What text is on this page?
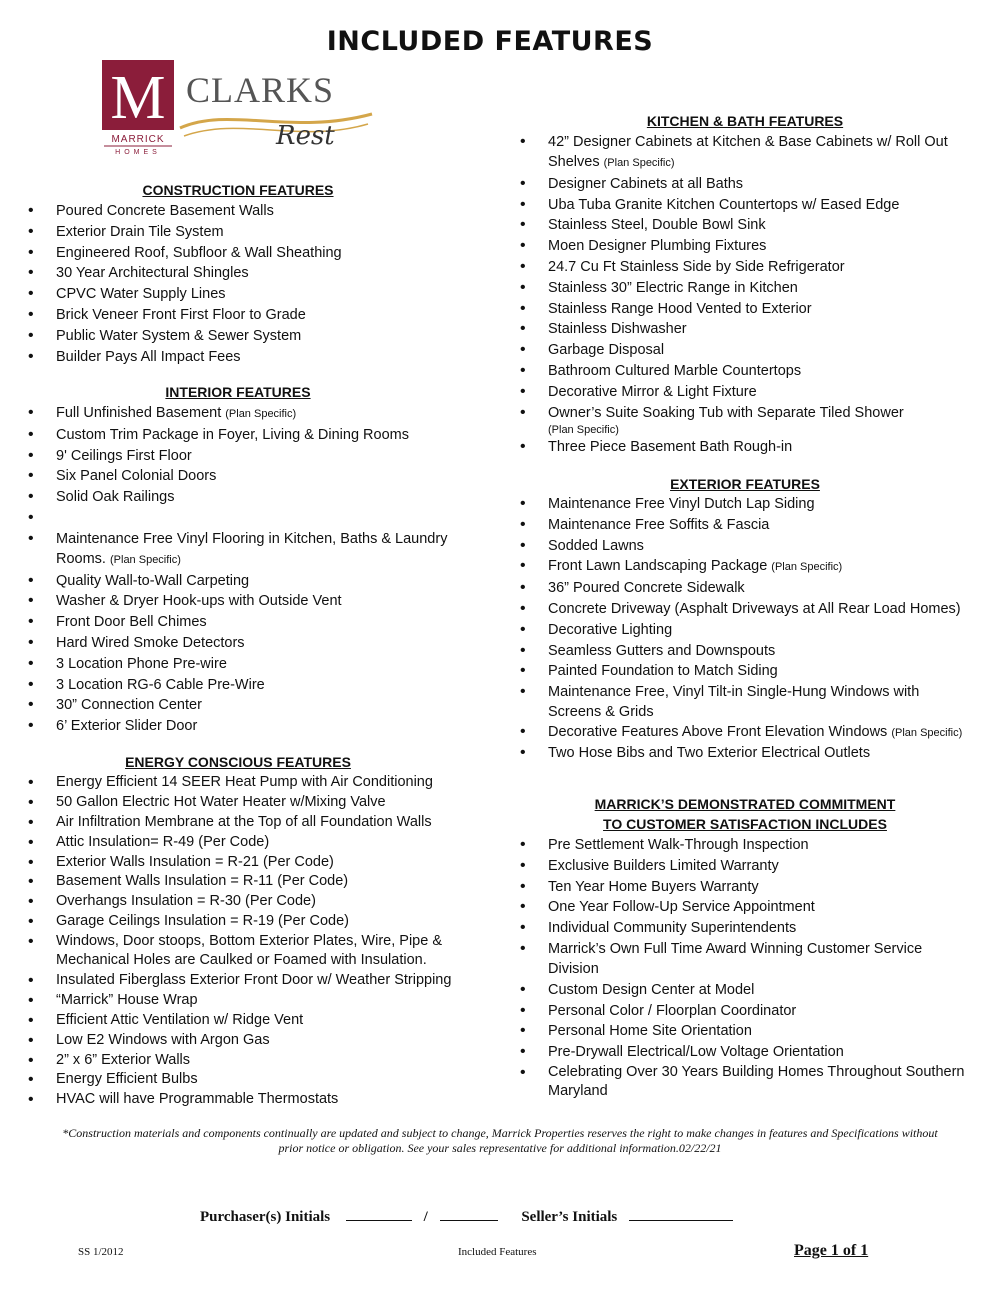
INCLUDED FEATURES
M
MARRICK
HOMES
CLARKS
Rest
CONSTRUCTION FEATURES
• Poured Concrete Basement Walls
• Exterior Drain Tile System
• Engineered Roof, Subfloor & Wall Sheathing
• 30 Year Architectural Shingles
• CPVC Water Supply Lines
• Brick Veneer Front First Floor to Grade
• Public Water System & Sewer System
• Builder Pays All Impact Fees
INTERIOR FEATURES
• Full Unfinished Basement (Plan Specific)
• Custom Trim Package in Foyer, Living & Dining Rooms
• 9' Ceilings First Floor
• Six Panel Colonial Doors
• Solid Oak Railings
•
• Maintenance Free Vinyl Flooring in Kitchen, Baths & Laundry Rooms. (Plan Specific)
• Quality Wall-to-Wall Carpeting
• Washer & Dryer Hook-ups with Outside Vent
• Front Door Bell Chimes
• Hard Wired Smoke Detectors
• 3 Location Phone Pre-wire
• 3 Location RG-6 Cable Pre-Wire
• 30” Connection Center
• 6’ Exterior Slider Door
ENERGY CONSCIOUS FEATURES
• Energy Efficient 14 SEER Heat Pump with Air Conditioning
• 50 Gallon Electric Hot Water Heater w/Mixing Valve
• Air Infiltration Membrane at the Top of all Foundation Walls
• Attic Insulation= R-49 (Per Code)
• Exterior Walls Insulation = R-21 (Per Code)
• Basement Walls Insulation = R-11 (Per Code)
• Overhangs Insulation = R-30 (Per Code)
• Garage Ceilings Insulation = R-19 (Per Code)
• Windows, Door stoops, Bottom Exterior Plates, Wire, Pipe & Mechanical Holes are Caulked or Foamed with Insulation.
• Insulated Fiberglass Exterior Front Door w/ Weather Stripping
• “Marrick” House Wrap
• Efficient Attic Ventilation w/ Ridge Vent
• Low E2 Windows with Argon Gas
• 2” x 6” Exterior Walls
• Energy Efficient Bulbs
• HVAC will have Programmable Thermostats
KITCHEN & BATH FEATURES
• 42” Designer Cabinets at Kitchen & Base Cabinets w/ Roll Out Shelves (Plan Specific)
• Designer Cabinets at all Baths
• Uba Tuba Granite Kitchen Countertops w/ Eased Edge
• Stainless Steel, Double Bowl Sink
• Moen Designer Plumbing Fixtures
• 24.7 Cu Ft Stainless Side by Side Refrigerator
• Stainless 30” Electric Range in Kitchen
• Stainless Range Hood Vented to Exterior
• Stainless Dishwasher
• Garbage Disposal
• Bathroom Cultured Marble Countertops
• Decorative Mirror & Light Fixture
• Owner’s Suite Soaking Tub with Separate Tiled Shower
(Plan Specific)
• Three Piece Basement Bath Rough-in
EXTERIOR FEATURES
• Maintenance Free Vinyl Dutch Lap Siding
• Maintenance Free Soffits & Fascia
• Sodded Lawns
• Front Lawn Landscaping Package (Plan Specific)
• 36” Poured Concrete Sidewalk
• Concrete Driveway (Asphalt Driveways at All Rear Load Homes)
• Decorative Lighting
• Seamless Gutters and Downspouts
• Painted Foundation to Match Siding
• Maintenance Free, Vinyl Tilt-in Single-Hung Windows with Screens & Grids
• Decorative Features Above Front Elevation Windows (Plan Specific)
• Two Hose Bibs and Two Exterior Electrical Outlets
MARRICK’S DEMONSTRATED COMMITMENT
TO CUSTOMER SATISFACTION INCLUDES
• Pre Settlement Walk-Through Inspection
• Exclusive Builders Limited Warranty
• Ten Year Home Buyers Warranty
• One Year Follow-Up Service Appointment
• Individual Community Superintendents
• Marrick’s Own Full Time Award Winning Customer Service Division
• Custom Design Center at Model
• Personal Color / Floorplan Coordinator
• Personal Home Site Orientation
• Pre-Drywall Electrical/Low Voltage Orientation
• Celebrating Over 30 Years Building Homes Throughout Southern Maryland
*Construction materials and components continually are updated and subject to change, Marrick Properties reserves the right to make changes in features and Specifications without prior notice or obligation. See your sales representative for additional information.02/22/21
Purchaser(s) Initials	/	Seller’s Initials
SS 1/2012	Included Features	Page 1 of 1
